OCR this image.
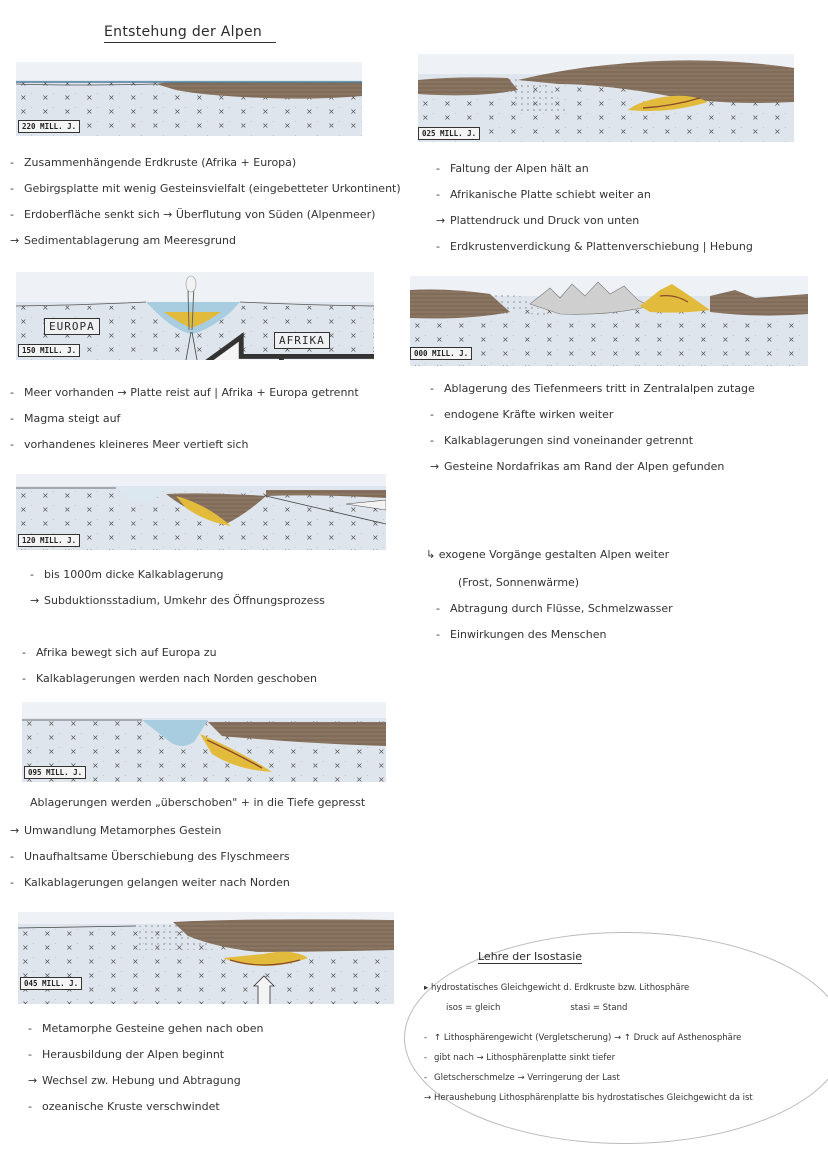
Entstehung der Alpen
220 MILL. J.
EUROPA
AFRIKA
150 MILL. J.
120 MILL. J.
095 MILL. J.
045 MILL. J.
025 MILL. J.
000 MILL. J.
- Zusammenhängende Erdkruste (Afrika + Europa)
- Gebirgsplatte mit wenig Gesteinsvielfalt (eingebetteter Urkontinent)
- Erdoberfläche senkt sich → Überflutung von Süden (Alpenmeer)
→ Sedimentablagerung am Meeresgrund
- Meer vorhanden → Platte reist auf | Afrika + Europa getrennt
- Magma steigt auf
- vorhandenes kleineres Meer vertieft sich
- bis 1000m dicke Kalkablagerung
→ Subduktionsstadium, Umkehr des Öffnungsprozess
- Afrika bewegt sich auf Europa zu
- Kalkablagerungen werden nach Norden geschoben
Ablagerungen werden „überschoben" + in die Tiefe gepresst
→ Umwandlung Metamorphes Gestein
- Unaufhaltsame Überschiebung des Flyschmeers
- Kalkablagerungen gelangen weiter nach Norden
- Metamorphe Gesteine gehen nach oben
- Herausbildung der Alpen beginnt
→ Wechsel zw. Hebung und Abtragung
- ozeanische Kruste verschwindet
- Faltung der Alpen hält an
- Afrikanische Platte schiebt weiter an
→ Plattendruck und Druck von unten
- Erdkrustenverdickung & Plattenverschiebung | Hebung
- Ablagerung des Tiefenmeers tritt in Zentralalpen zutage
- endogene Kräfte wirken weiter
- Kalkablagerungen sind voneinander getrennt
→ Gesteine Nordafrikas am Rand der Alpen gefunden
↳ exogene Vorgänge gestalten Alpen weiter
(Frost, Sonnenwärme)
- Abtragung durch Flüsse, Schmelzwasser
- Einwirkungen des Menschen
Lehre der Isostasie
▸ hydrostatisches Gleichgewicht d. Erdkruste bzw. Lithosphäre
isos = gleich	stasi = Stand
- ↑ Lithosphärengewicht (Vergletscherung) → ↑ Druck auf Asthenosphäre
- gibt nach → Lithosphärenplatte sinkt tiefer
- Gletscherschmelze → Verringerung der Last
→ Heraushebung Lithosphärenplatte bis hydrostatisches Gleichgewicht da ist
